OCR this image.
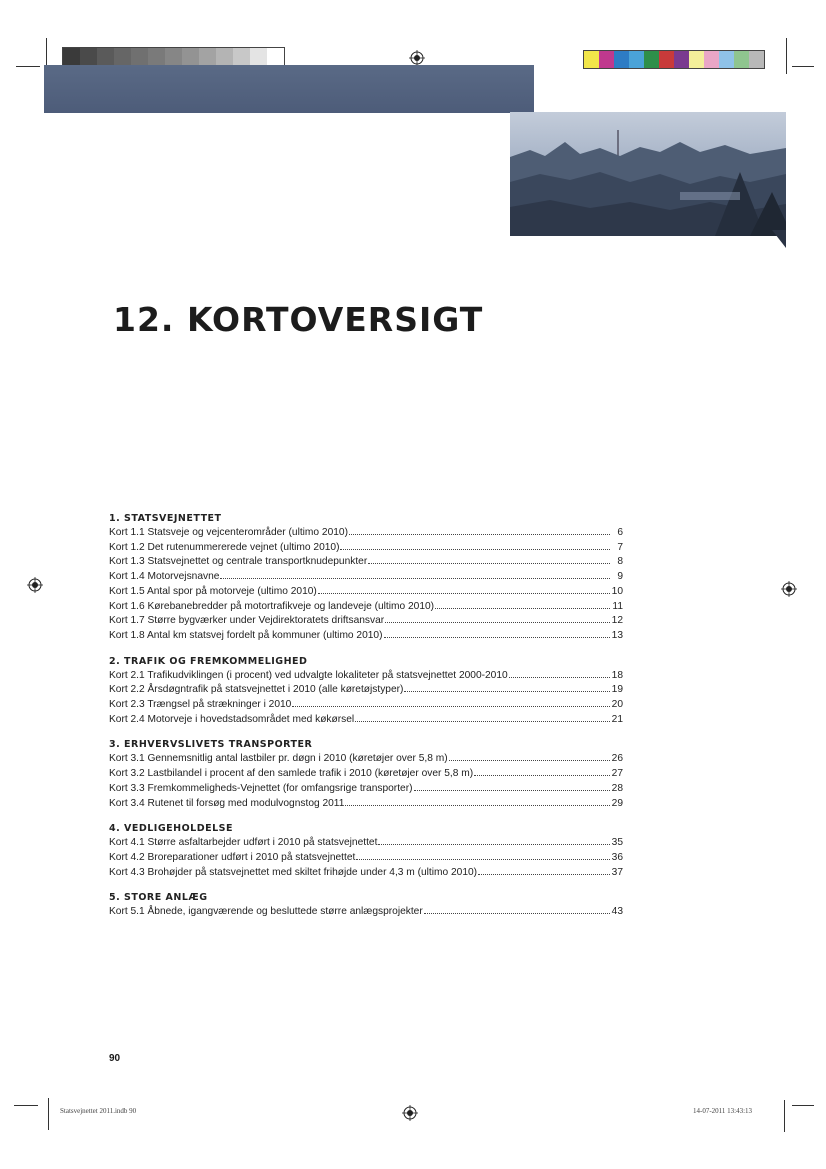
12. KORTOVERSIGT
1. STATSVEJNETTET
Kort 1.1 Statsveje og vejcenterområder (ultimo 2010)	6
Kort 1.2 Det rutenummererede vejnet (ultimo 2010)	7
Kort 1.3 Statsvejnettet og centrale transportknudepunkter	8
Kort 1.4 Motorvejsnavne	9
Kort 1.5 Antal spor på motorveje (ultimo 2010)	10
Kort 1.6 Kørebanebredder på motortrafikveje og landeveje (ultimo 2010)	11
Kort 1.7 Større bygværker under Vejdirektoratets driftsansvar	12
Kort 1.8 Antal km statsvej fordelt på kommuner (ultimo 2010)	13
2. TRAFIK OG FREMKOMMELIGHED
Kort 2.1 Trafikudviklingen (i procent) ved udvalgte lokaliteter på statsvejnettet 2000-2010	18
Kort 2.2 Årsdøgntrafik på statsvejnettet i 2010 (alle køretøjstyper)	19
Kort 2.3 Trængsel på strækninger i 2010	20
Kort 2.4 Motorveje i hovedstadsområdet med køkørsel	21
3. ERHVERVSLIVETS TRANSPORTER
Kort 3.1 Gennemsnitlig antal lastbiler pr. døgn i 2010 (køretøjer over 5,8 m)	26
Kort 3.2 Lastbilandel i procent af den samlede trafik i 2010 (køretøjer over 5,8 m)	27
Kort 3.3 Fremkommeligheds-Vejnettet (for omfangsrige transporter)	28
Kort 3.4 Rutenet til forsøg med modulvognstog 2011	29
4. VEDLIGEHOLDELSE
Kort 4.1 Større asfaltarbejder udført i 2010 på statsvejnettet	35
Kort 4.2 Broreparationer udført i 2010 på statsvejnettet	36
Kort 4.3 Brohøjder på statsvejnettet med skiltet frihøjde under 4,3 m (ultimo 2010)	37
5. STORE ANLÆG
Kort 5.1 Åbnede, igangværende og besluttede større anlægsprojekter	43
90
Statsvejnettet 2011.indb 90	14-07-2011 13:43:13
